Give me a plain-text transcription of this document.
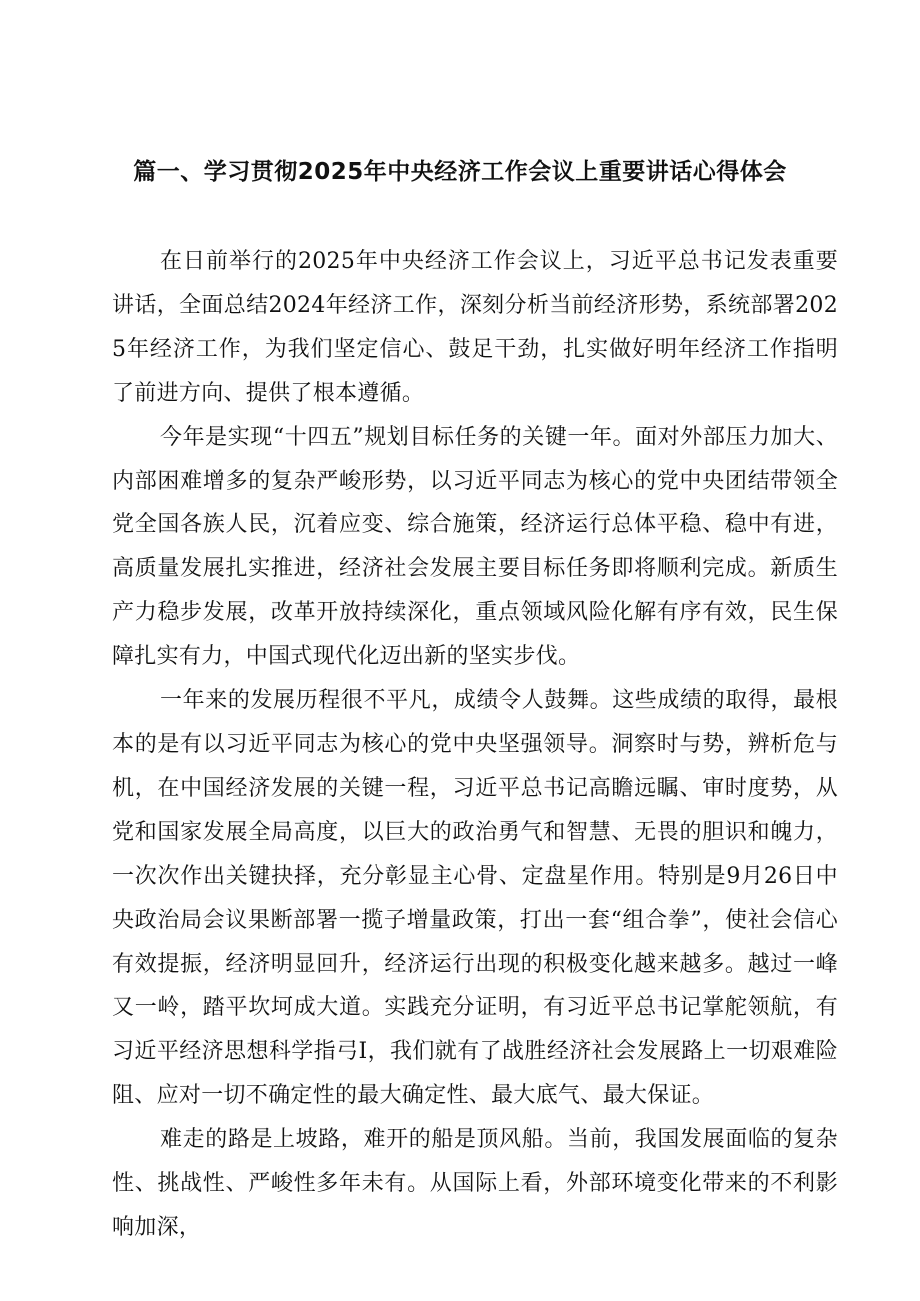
篇一、学习贯彻2025年中央经济工作会议上重要讲话心得体会

在日前举行的2025年中央经济工作会议上，习近平总书记发表重要讲话，全面总结2024年经济工作，深刻分析当前经济形势，系统部署2025年经济工作，为我们坚定信心、鼓足干劲，扎实做好明年经济工作指明了前进方向、提供了根本遵循。

今年是实现“十四五”规划目标任务的关键一年。面对外部压力加大、内部困难增多的复杂严峻形势，以习近平同志为核心的党中央团结带领全党全国各族人民，沉着应变、综合施策，经济运行总体平稳、稳中有进，高质量发展扎实推进，经济社会发展主要目标任务即将顺利完成。新质生产力稳步发展，改革开放持续深化，重点领域风险化解有序有效，民生保障扎实有力，中国式现代化迈出新的坚实步伐。

一年来的发展历程很不平凡，成绩令人鼓舞。这些成绩的取得，最根本的是有以习近平同志为核心的党中央坚强领导。洞察时与势，辨析危与机，在中国经济发展的关键一程，习近平总书记高瞻远瞩、审时度势，从党和国家发展全局高度，以巨大的政治勇气和智慧、无畏的胆识和魄力，一次次作出关键抉择，充分彰显主心骨、定盘星作用。特别是9月26日中央政治局会议果断部署一揽子增量政策，打出一套“组合拳”，使社会信心有效提振，经济明显回升，经济运行出现的积极变化越来越多。越过一峰又一岭，踏平坎坷成大道。实践充分证明，有习近平总书记掌舵领航，有习近平经济思想科学指弓I，我们就有了战胜经济社会发展路上一切艰难险阻、应对一切不确定性的最大确定性、最大底气、最大保证。

难走的路是上坡路，难开的船是顶风船。当前，我国发展面临的复杂性、挑战性、严峻性多年未有。从国际上看，外部环境变化带来的不利影响加深，
